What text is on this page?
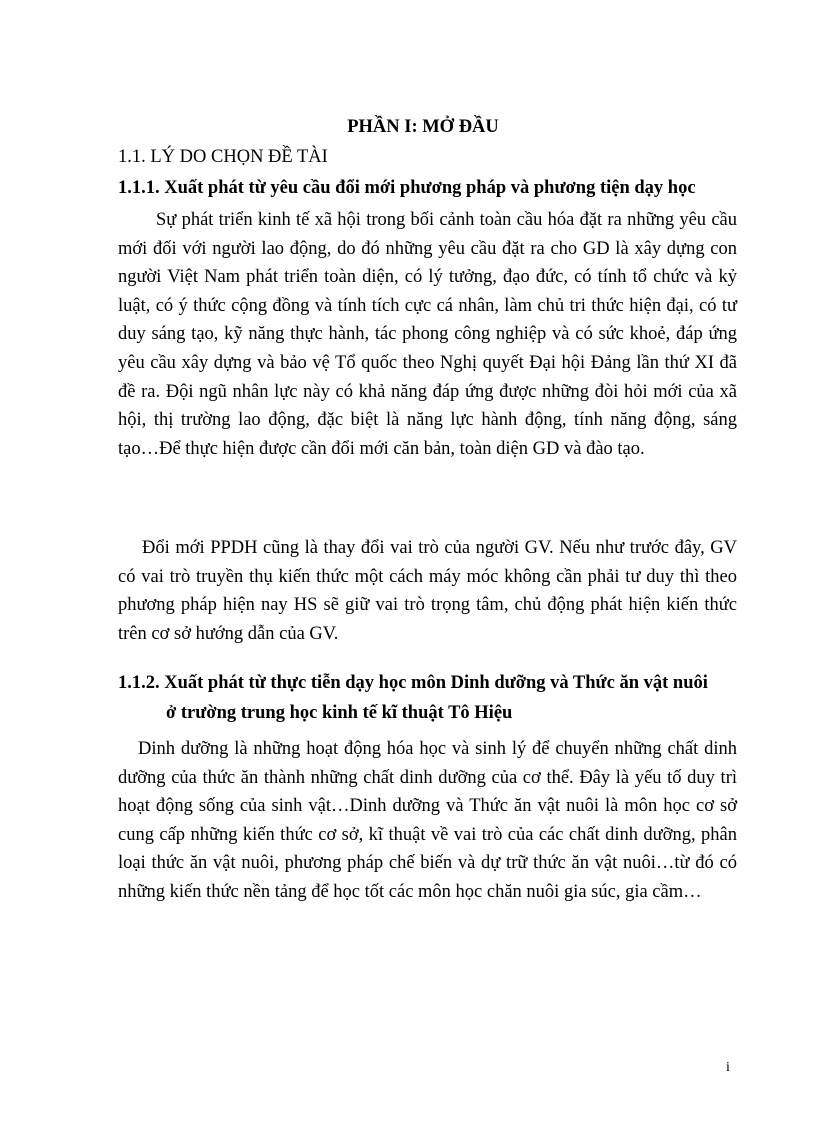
PHẦN I: MỞ ĐẦU
1.1. LÝ DO CHỌN ĐỀ TÀI
1.1.1. Xuất phát từ yêu cầu đổi mới phương pháp và phương tiện dạy học
Sự phát triển kinh tế xã hội trong bối cảnh toàn cầu hóa đặt ra những yêu cầu mới đối với người lao động, do đó những yêu cầu đặt ra cho GD là xây dựng con người Việt Nam phát triển toàn diện, có lý tưởng, đạo đức, có tính tổ chức và kỷ luật, có ý thức cộng đồng và tính tích cực cá nhân, làm chủ tri thức hiện đại, có tư duy sáng tạo, kỹ năng thực hành, tác phong công nghiệp và có sức khoẻ, đáp ứng yêu cầu xây dựng và bảo vệ Tổ quốc theo Nghị quyết Đại hội Đảng lần thứ XI đã đề ra. Đội ngũ nhân lực này có khả năng đáp ứng được những đòi hỏi mới của xã hội, thị trường lao động, đặc biệt là năng lực hành động, tính năng động, sáng tạo…Để thực hiện được cần đổi mới căn bản, toàn diện GD và đào tạo.
Đổi mới PPDH cũng là thay đổi vai trò của người GV. Nếu như trước đây, GV có vai trò truyền thụ kiến thức một cách máy móc không cần phải tư duy thì theo phương pháp hiện nay HS sẽ giữ vai trò trọng tâm, chủ động phát hiện kiến thức trên cơ sở hướng dẫn của GV.
1.1.2. Xuất phát từ thực tiễn dạy học môn Dinh dưỡng và Thức ăn vật nuôi
ở trường trung học kinh tế kĩ thuật Tô Hiệu
Dinh dưỡng là những hoạt động hóa học và sinh lý để chuyển những chất dinh dưỡng của thức ăn thành những chất dinh dưỡng của cơ thể. Đây là yếu tố duy trì hoạt động sống của sinh vật…Dinh dưỡng và Thức ăn vật nuôi là môn học cơ sở cung cấp những kiến thức cơ sở, kĩ thuật về vai trò của các chất dinh dưỡng, phân loại thức ăn vật nuôi, phương pháp chế biến và dự trữ thức ăn vật nuôi…từ đó có những kiến thức nền tảng để học tốt các môn học chăn nuôi gia súc, gia cầm…
i
